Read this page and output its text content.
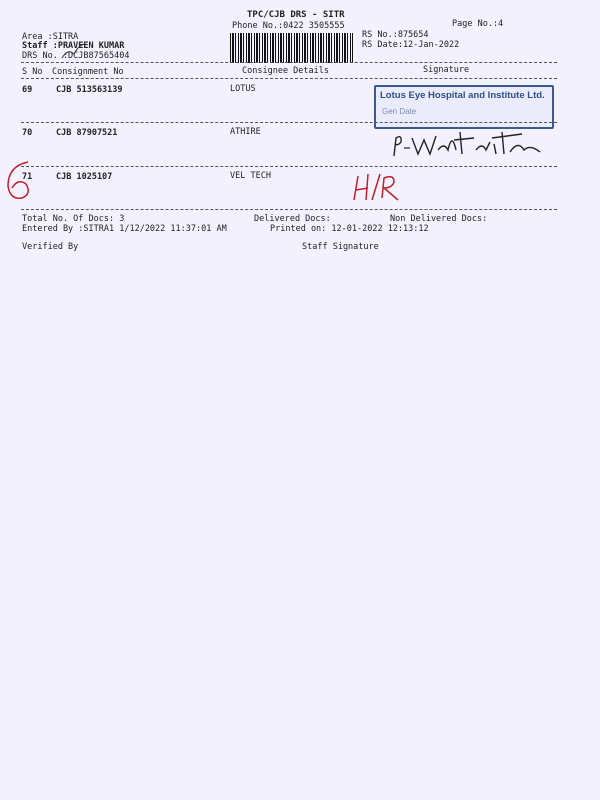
TPC/CJB DRS - SITR
Phone No.:0422 3505555	Page No.:4
Area :SITRA
Staff :PRAVEEN KUMAR
DRS No. :DCJB87565404
RS No.:875654
RS Date:12-Jan-2022
S No Consignment No	Consignee Details	Signature
69	CJB 513563139	LOTUS
Lotus Eye Hospital and Institute Ltd.
Gen Date
70	CJB 87907521	ATHIRE
71	CJB 1025107	VEL TECH
Total No. Of Docs: 3	Delivered Docs:	Non Delivered Docs:
Entered By :SITRA1 1/12/2022 11:37:01 AM	Printed on: 12-01-2022 12:13:12
Verified By	Staff Signature
